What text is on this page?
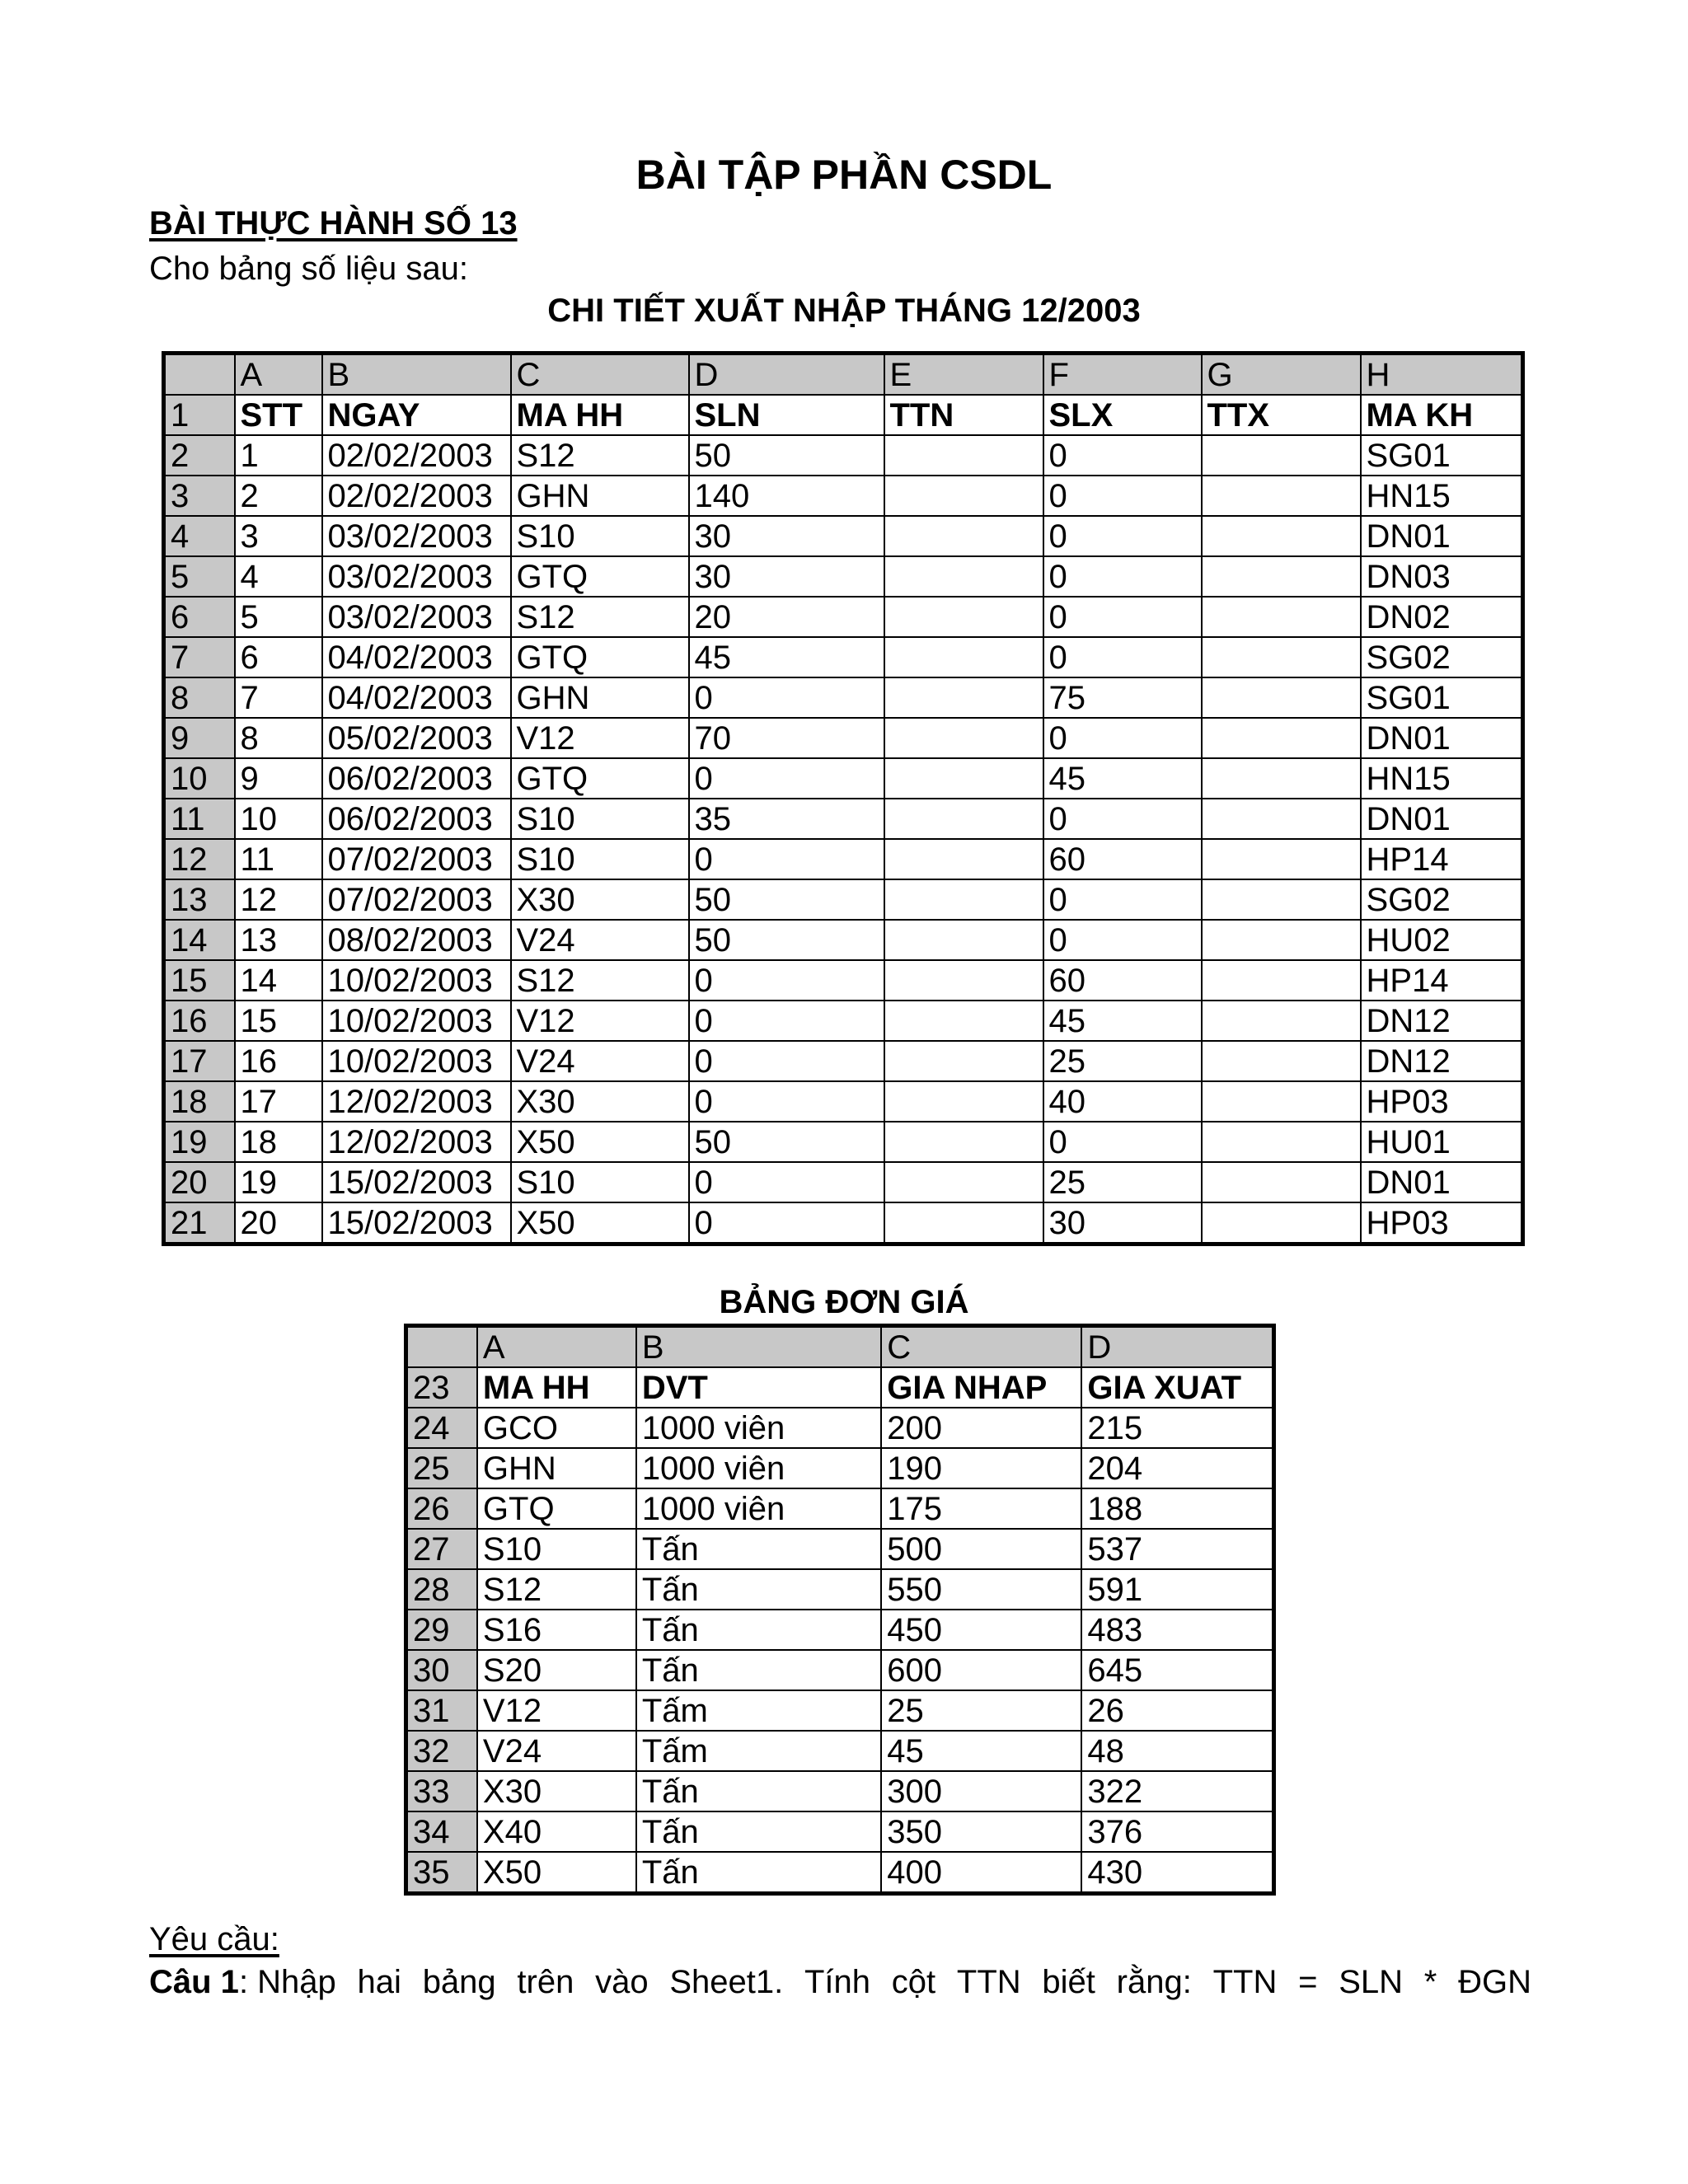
BÀI TẬP PHẦN CSDL
BÀI THỰC HÀNH SỐ 13
Cho bảng số liệu sau:
CHI TIẾT XUẤT NHẬP THÁNG 12/2003
	A	B	C	D	E	F	G	H
1	STT	NGAY	MA HH	SLN	TTN	SLX	TTX	MA KH
2	1	02/02/2003	S12	50		0		SG01
3	2	02/02/2003	GHN	140		0		HN15
4	3	03/02/2003	S10	30		0		DN01
5	4	03/02/2003	GTQ	30		0		DN03
6	5	03/02/2003	S12	20		0		DN02
7	6	04/02/2003	GTQ	45		0		SG02
8	7	04/02/2003	GHN	0		75		SG01
9	8	05/02/2003	V12	70		0		DN01
10	9	06/02/2003	GTQ	0		45		HN15
11	10	06/02/2003	S10	35		0		DN01
12	11	07/02/2003	S10	0		60		HP14
13	12	07/02/2003	X30	50		0		SG02
14	13	08/02/2003	V24	50		0		HU02
15	14	10/02/2003	S12	0		60		HP14
16	15	10/02/2003	V12	0		45		DN12
17	16	10/02/2003	V24	0		25		DN12
18	17	12/02/2003	X30	0		40		HP03
19	18	12/02/2003	X50	50		0		HU01
20	19	15/02/2003	S10	0		25		DN01
21	20	15/02/2003	X50	0		30		HP03
BẢNG ĐƠN GIÁ
	A	B	C	D
23	MA HH	DVT	GIA NHAP	GIA XUAT
24	GCO	1000 viên	200	215
25	GHN	1000 viên	190	204
26	GTQ	1000 viên	175	188
27	S10	Tấn	500	537
28	S12	Tấn	550	591
29	S16	Tấn	450	483
30	S20	Tấn	600	645
31	V12	Tấm	25	26
32	V24	Tấm	45	48
33	X30	Tấn	300	322
34	X40	Tấn	350	376
35	X50	Tấn	400	430
Yêu cầu:
Câu 1: Nhập hai bảng trên vào Sheet1. Tính cột TTN biết rằng: TTN = SLN * ĐGN
